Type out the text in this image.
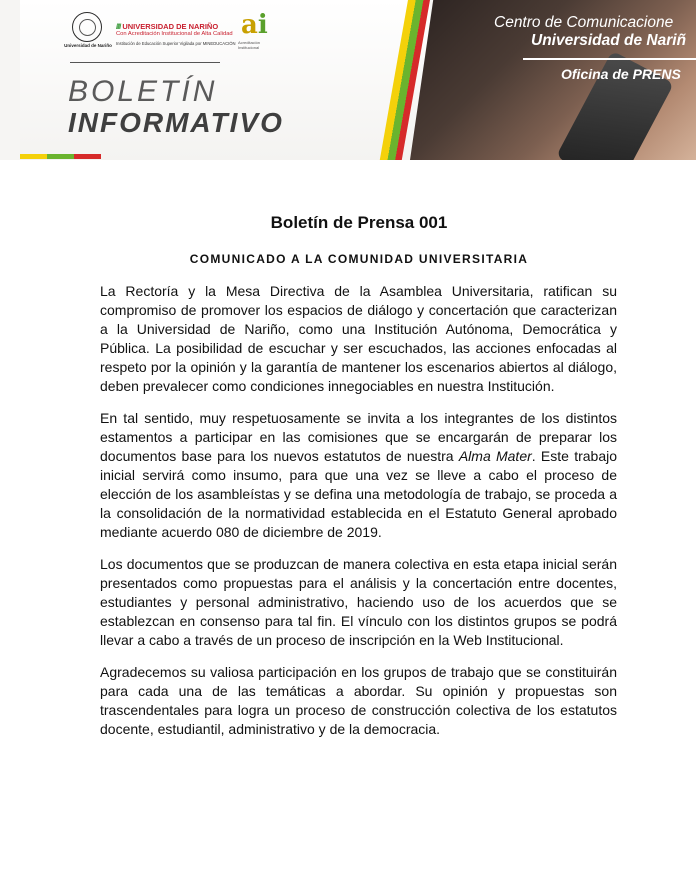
Universidad de Nariño
//// UNIVERSIDAD DE NARIÑO
Con Acreditación Institucional de Alta Calidad
Institución de Educación Superior Vigilada por MINEDUCACIÓN
ai
Acreditación Institucional
BOLETÍN
INFORMATIVO
Centro de Comunicacione
Universidad de Nariñ
Oficina de PRENS
Boletín de Prensa 001
COMUNICADO A LA COMUNIDAD UNIVERSITARIA

La Rectoría y la Mesa Directiva de la Asamblea Universitaria, ratifican su compromiso de promover los espacios de diálogo y concertación que caracterizan a la Universidad de Nariño, como una Institución Autónoma, Democrática y Pública. La posibilidad de escuchar y ser escuchados, las acciones enfocadas al respeto por la opinión y la garantía de mantener los escenarios abiertos al diálogo, deben prevalecer como condiciones innegociables en nuestra Institución.

En tal sentido, muy respetuosamente se invita a los integrantes de los distintos estamentos a participar en las comisiones que se encargarán de preparar los documentos base para los nuevos estatutos de nuestra Alma Mater. Este trabajo inicial servirá como insumo, para que una vez se lleve a cabo el proceso de elección de los asambleístas y se defina una metodología de trabajo, se proceda a la consolidación de la normatividad establecida en el Estatuto General aprobado mediante acuerdo 080 de diciembre de 2019.

Los documentos que se produzcan de manera colectiva en esta etapa inicial serán presentados como propuestas para el análisis y la concertación entre docentes, estudiantes y personal administrativo, haciendo uso de los acuerdos que se establezcan en consenso para tal fin. El vínculo con los distintos grupos se podrá llevar a cabo a través de un proceso de inscripción en la Web Institucional.

Agradecemos su valiosa participación en los grupos de trabajo que se constituirán para cada una de las temáticas a abordar. Su opinión y propuestas son trascendentales para logra un proceso de construcción colectiva de los estatutos docente, estudiantil, administrativo y de la democracia.
